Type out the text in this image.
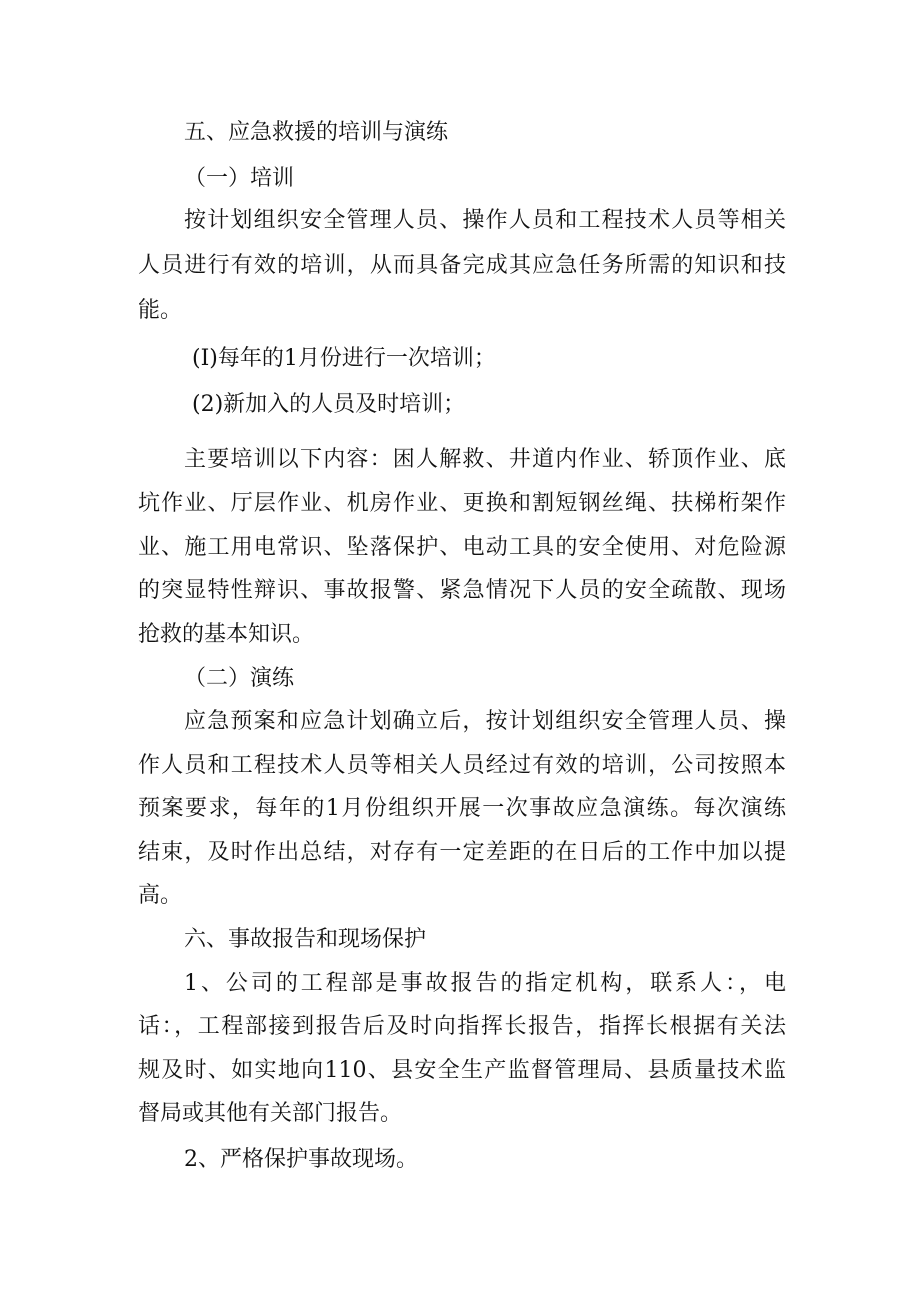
五、应急救援的培训与演练
（一）培训
按计划组织安全管理人员、操作人员和工程技术人员等相关
人员进行有效的培训，从而具备完成其应急任务所需的知识和技
能。
(I)每年的1月份进行一次培训；
(2)新加入的人员及时培训；
主要培训以下内容：困人解救、井道内作业、轿顶作业、底
坑作业、厅层作业、机房作业、更换和割短钢丝绳、扶梯桁架作
业、施工用电常识、坠落保护、电动工具的安全使用、对危险源
的突显特性辩识、事故报警、紧急情况下人员的安全疏散、现场
抢救的基本知识。
（二）演练
应急预案和应急计划确立后，按计划组织安全管理人员、操
作人员和工程技术人员等相关人员经过有效的培训，公司按照本
预案要求，每年的1月份组织开展一次事故应急演练。每次演练
结束，及时作出总结，对存有一定差距的在日后的工作中加以提
高。
六、事故报告和现场保护
1、公司的工程部是事故报告的指定机构，联系人：，电
话：，工程部接到报告后及时向指挥长报告，指挥长根据有关法
规及时、如实地向110、县安全生产监督管理局、县质量技术监
督局或其他有关部门报告。
2、严格保护事故现场。
